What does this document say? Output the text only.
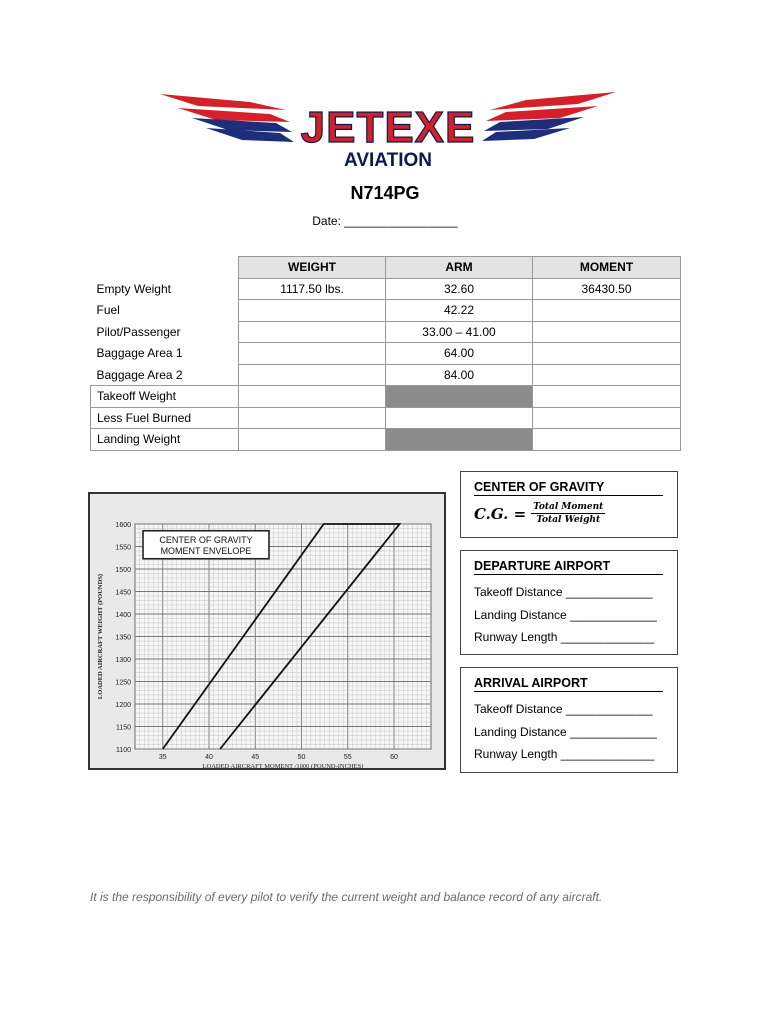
JETEXE
AVIATION
N714PG
Date: _________________
	WEIGHT	ARM	MOMENT
Empty Weight	1117.50 lbs.	32.60	36430.50
Fuel		42.22	
Pilot/Passenger		33.00 – 41.00	
Baggage Area 1		64.00	
Baggage Area 2		84.00	
Takeoff Weight			
Less Fuel Burned			
Landing Weight			
1100
1150
1200
1250
1300
1350
1400
1450
1500
1550
1600
35	40	45	50	55	60
LOADED AIRCRAFT MOMENT /1000 (POUND-INCHES)
LOADED AIRCRAFT WEIGHT (POUNDS)
CENTER OF GRAVITY
MOMENT ENVELOPE
CENTER OF GRAVITY
C.G. = $\frac{\text{Total Moment}}{\text{Total Weight}}$
DEPARTURE AIRPORT
Takeoff Distance _____________
Landing Distance _____________
Runway Length ______________
ARRIVAL AIRPORT
Takeoff Distance _____________
Landing Distance _____________
Runway Length ______________
It is the responsibility of every pilot to verify the current weight and balance record of any aircraft.
